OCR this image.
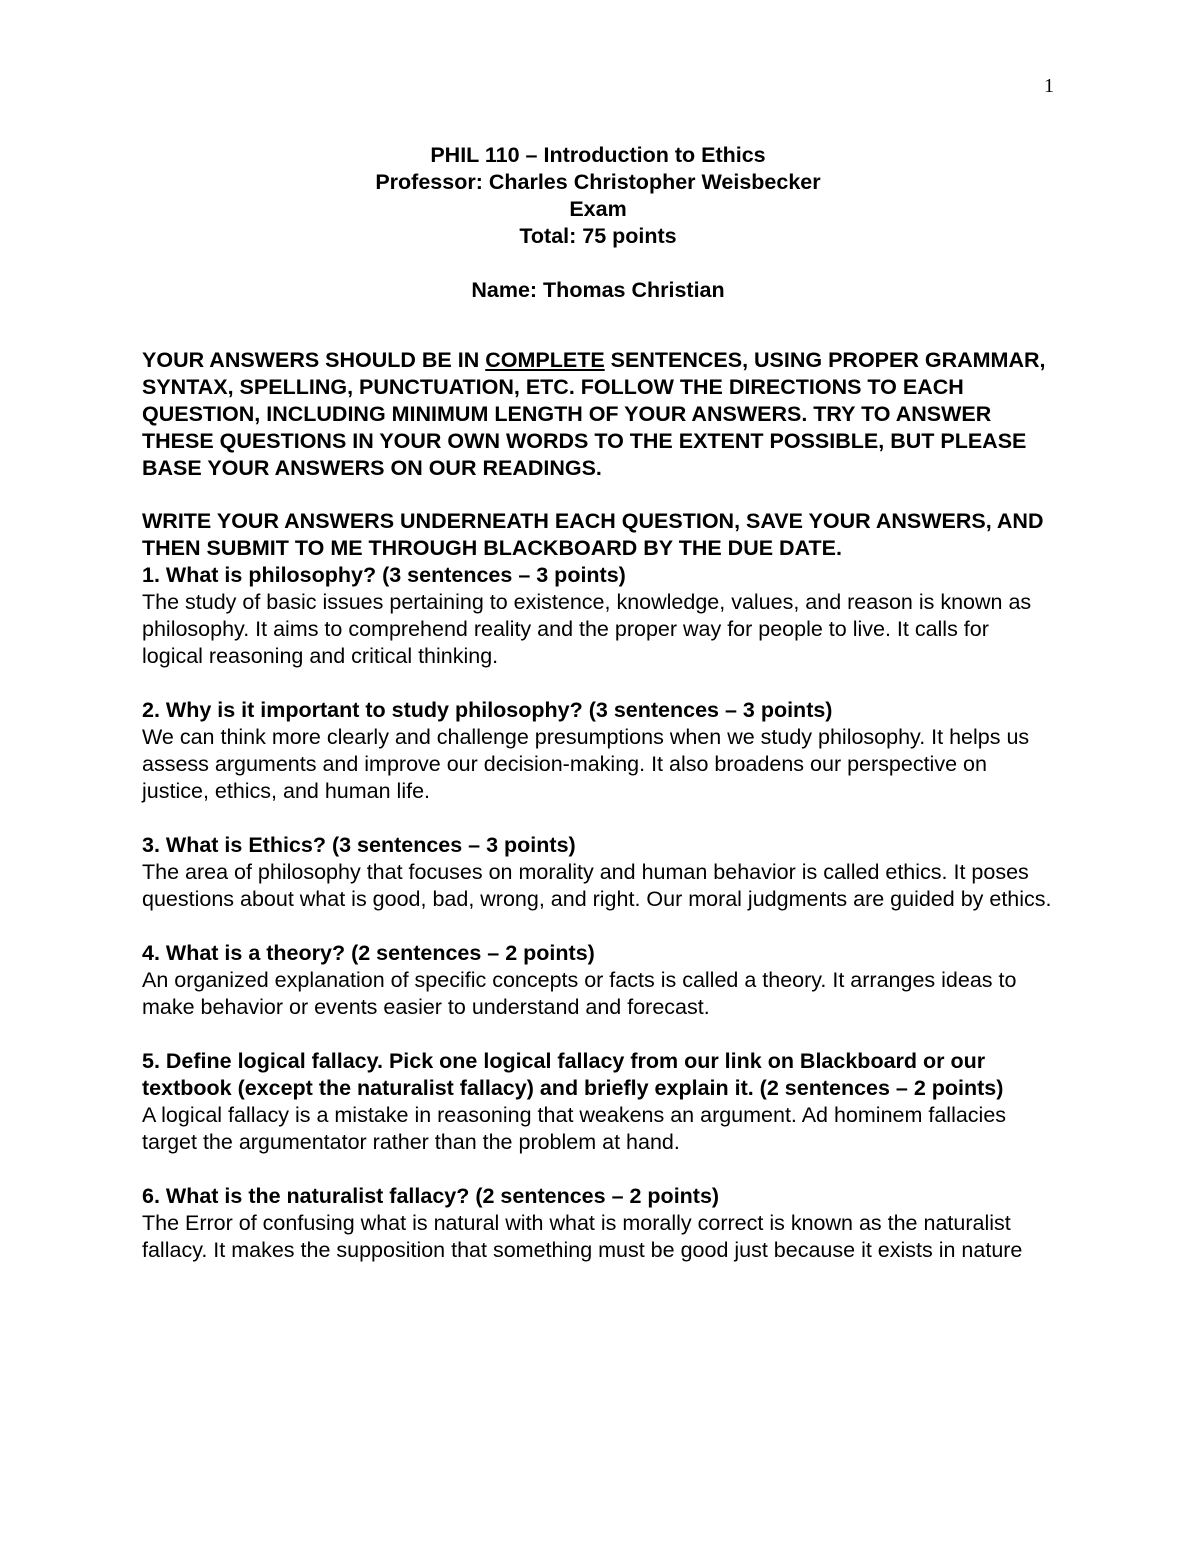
1
PHIL 110 – Introduction to Ethics
Professor: Charles Christopher Weisbecker
Exam
Total: 75 points
Name: Thomas Christian
YOUR ANSWERS SHOULD BE IN COMPLETE SENTENCES, USING PROPER GRAMMAR, SYNTAX, SPELLING, PUNCTUATION, ETC. FOLLOW THE DIRECTIONS TO EACH QUESTION, INCLUDING MINIMUM LENGTH OF YOUR ANSWERS. TRY TO ANSWER THESE QUESTIONS IN YOUR OWN WORDS TO THE EXTENT POSSIBLE, BUT PLEASE BASE YOUR ANSWERS ON OUR READINGS.
WRITE YOUR ANSWERS UNDERNEATH EACH QUESTION, SAVE YOUR ANSWERS, AND THEN SUBMIT TO ME THROUGH BLACKBOARD BY THE DUE DATE.
1. What is philosophy? (3 sentences – 3 points)
The study of basic issues pertaining to existence, knowledge, values, and reason is known as philosophy. It aims to comprehend reality and the proper way for people to live. It calls for logical reasoning and critical thinking.
2. Why is it important to study philosophy? (3 sentences – 3 points)
We can think more clearly and challenge presumptions when we study philosophy. It helps us assess arguments and improve our decision-making. It also broadens our perspective on justice, ethics, and human life.
3. What is Ethics? (3 sentences – 3 points)
The area of philosophy that focuses on morality and human behavior is called ethics. It poses questions about what is good, bad, wrong, and right. Our moral judgments are guided by ethics.
4. What is a theory? (2 sentences – 2 points)
An organized explanation of specific concepts or facts is called a theory. It arranges ideas to make behavior or events easier to understand and forecast.
5. Define logical fallacy. Pick one logical fallacy from our link on Blackboard or our textbook (except the naturalist fallacy) and briefly explain it. (2 sentences – 2 points)
A logical fallacy is a mistake in reasoning that weakens an argument. Ad hominem fallacies target the argumentator rather than the problem at hand.
6. What is the naturalist fallacy? (2 sentences – 2 points)
The Error of confusing what is natural with what is morally correct is known as the naturalist fallacy. It makes the supposition that something must be good just because it exists in nature
